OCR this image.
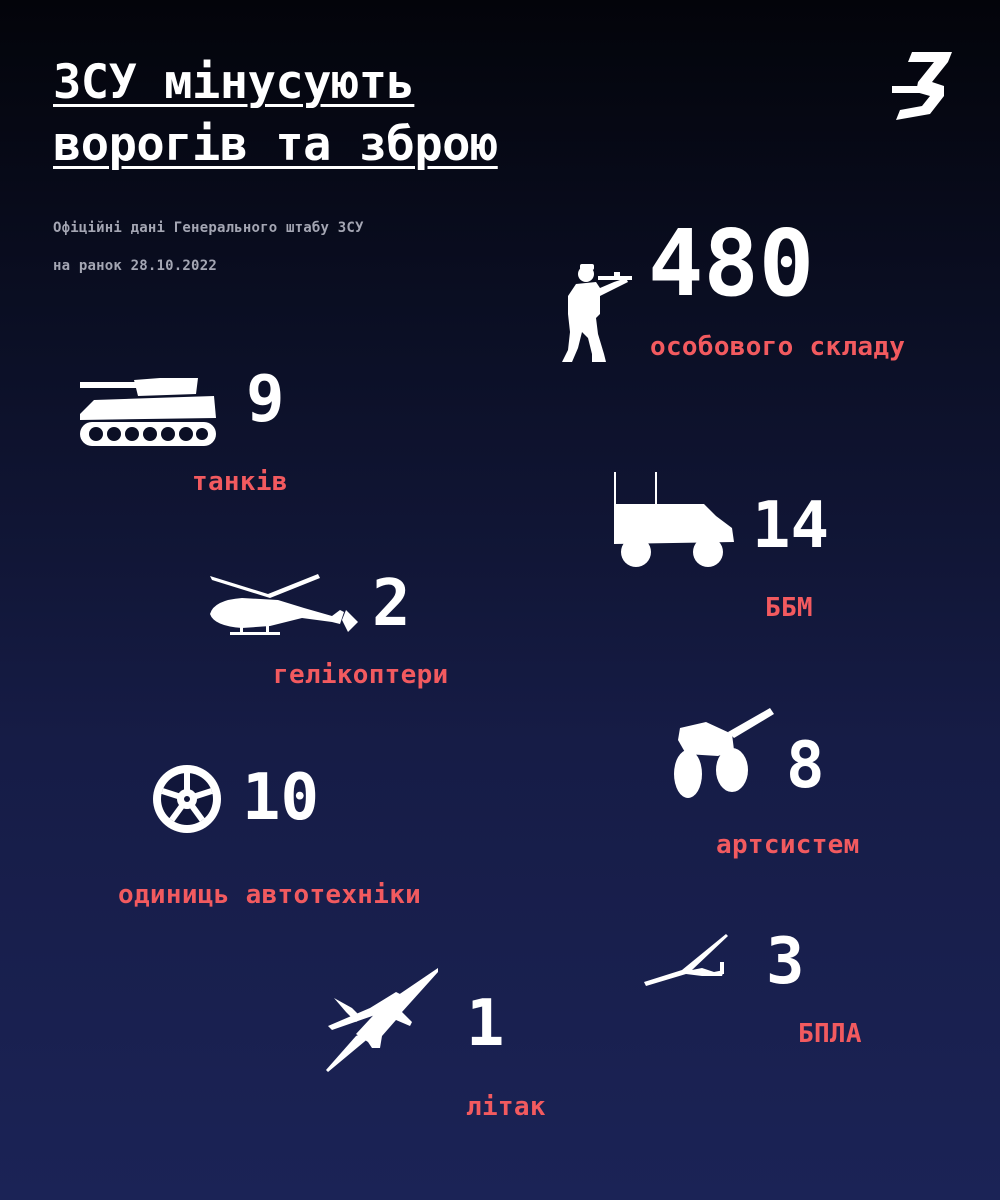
ЗСУ мінусують
ворогів та зброю
Офіційні дані Генерального штабу ЗСУ
на ранок 28.10.2022	480
особового складу
9
танків
14
ББМ
2
гелікоптери
8
артсистем
10
одиниць автотехніки
3
БПЛА
1
літак
